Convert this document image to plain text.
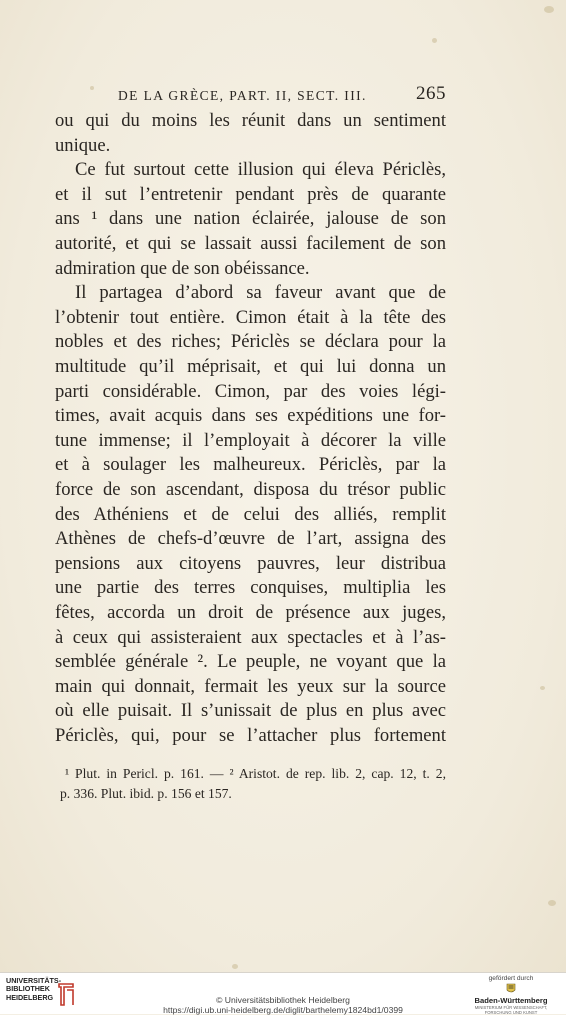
DE LA GRÈCE, PART. II, SECT. III.	265
ou qui du moins les réunit dans un sentiment
unique.
Ce fut surtout cette illusion qui éleva Périclès,
et il sut l’entretenir pendant près de quarante
ans ¹ dans une nation éclairée, jalouse de son
autorité, et qui se lassait aussi facilement de son
admiration que de son obéissance.
Il partagea d’abord sa faveur avant que de
l’obtenir tout entière. Cimon était à la tête des
nobles et des riches; Périclès se déclara pour la
multitude qu’il méprisait, et qui lui donna un
parti considérable. Cimon, par des voies légi-
times, avait acquis dans ses expéditions une for-
tune immense; il l’employait à décorer la ville
et à soulager les malheureux. Périclès, par la
force de son ascendant, disposa du trésor public
des Athéniens et de celui des alliés, remplit
Athènes de chefs-d’œuvre de l’art, assigna des
pensions aux citoyens pauvres, leur distribua
une partie des terres conquises, multiplia les
fêtes, accorda un droit de présence aux juges,
à ceux qui assisteraient aux spectacles et à l’as-
semblée générale ². Le peuple, ne voyant que la
main qui donnait, fermait les yeux sur la source
où elle puisait. Il s’unissait de plus en plus avec
Périclès, qui, pour se l’attacher plus fortement
¹ Plut. in Pericl. p. 161. — ² Aristot. de rep. lib. 2, cap. 12, t. 2,
p. 336. Plut. ibid. p. 156 et 157.
UNIVERSITÄTS-
BIBLIOTHEK
HEIDELBERG	© Universitätsbibliothek Heidelberg
https://digi.ub.uni-heidelberg.de/diglit/barthelemy1824bd1/0399
gefördert durch
Baden-Württemberg
MINISTERIUM FÜR WISSENSCHAFT, FORSCHUNG UND KUNST
